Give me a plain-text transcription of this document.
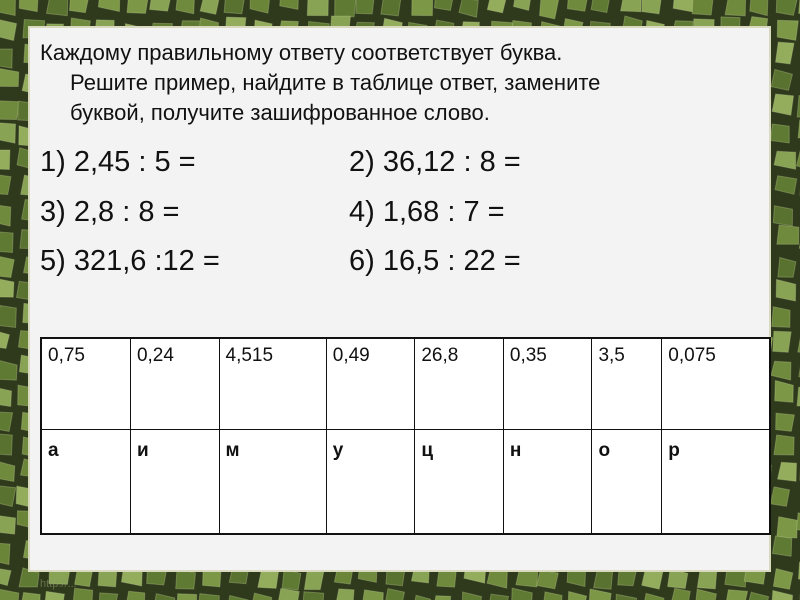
Каждому правильному ответу соответствует буква.
Решите пример, найдите в таблице ответ, замените
буквой, получите зашифрованное слово.
1) 2,45 : 5 =	2) 36,12 : 8 =
3) 2,8 : 8 =	4) 1,68 : 7 =
5) 321,6 :12 =	6) 16,5 : 22 =
0,75	0,24	4,515	0,49	26,8	0,35	3,5	0,075
а	и	м	у	ц	н	о	р
http://...
